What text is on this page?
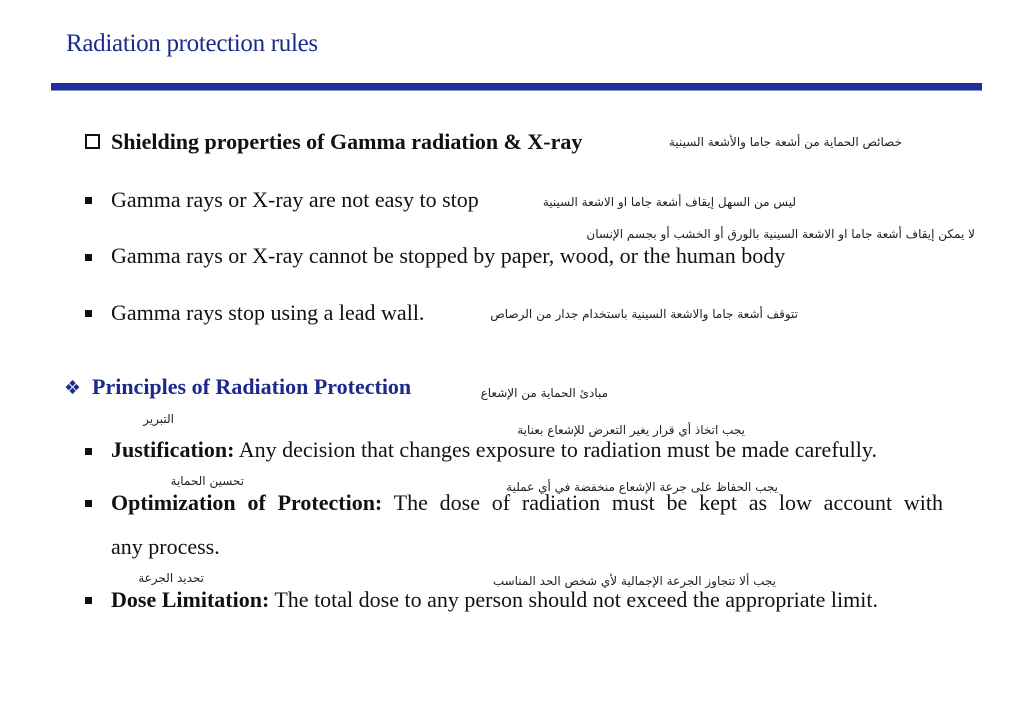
Radiation protection rules
Shielding properties of Gamma radiation & X-ray	خصائص الحماية من أشعة جاما والأشعة السينية
Gamma rays or X-ray are not easy to stop	ليس من السهل إيقاف أشعة جاما او الاشعة السينية
لا يمكن إيقاف أشعة جاما او الاشعة السينية بالورق أو الخشب أو بجسم الإنسان
Gamma rays or X-ray cannot be stopped by paper, wood, or the human body
Gamma rays stop using a lead wall.	تتوقف أشعة جاما والاشعة السينية باستخدام جدار من الرصاص
❖ Principles of Radiation Protection	مبادئ الحماية من الإشعاع
التبرير
يجب اتخاذ أي قرار يغير التعرض للإشعاع بعناية
Justification: Any decision that changes exposure to radiation must be made carefully.
تحسين الحماية	يجب الحفاظ على جرعة الإشعاع منخفضة في أي عملية
Optimization of Protection: The dose of radiation must be kept as low account with
any process.
تحديد الجرعة	يجب ألا تتجاوز الجرعة الإجمالية لأي شخص الحد المناسب
Dose Limitation: The total dose to any person should not exceed the appropriate limit.
